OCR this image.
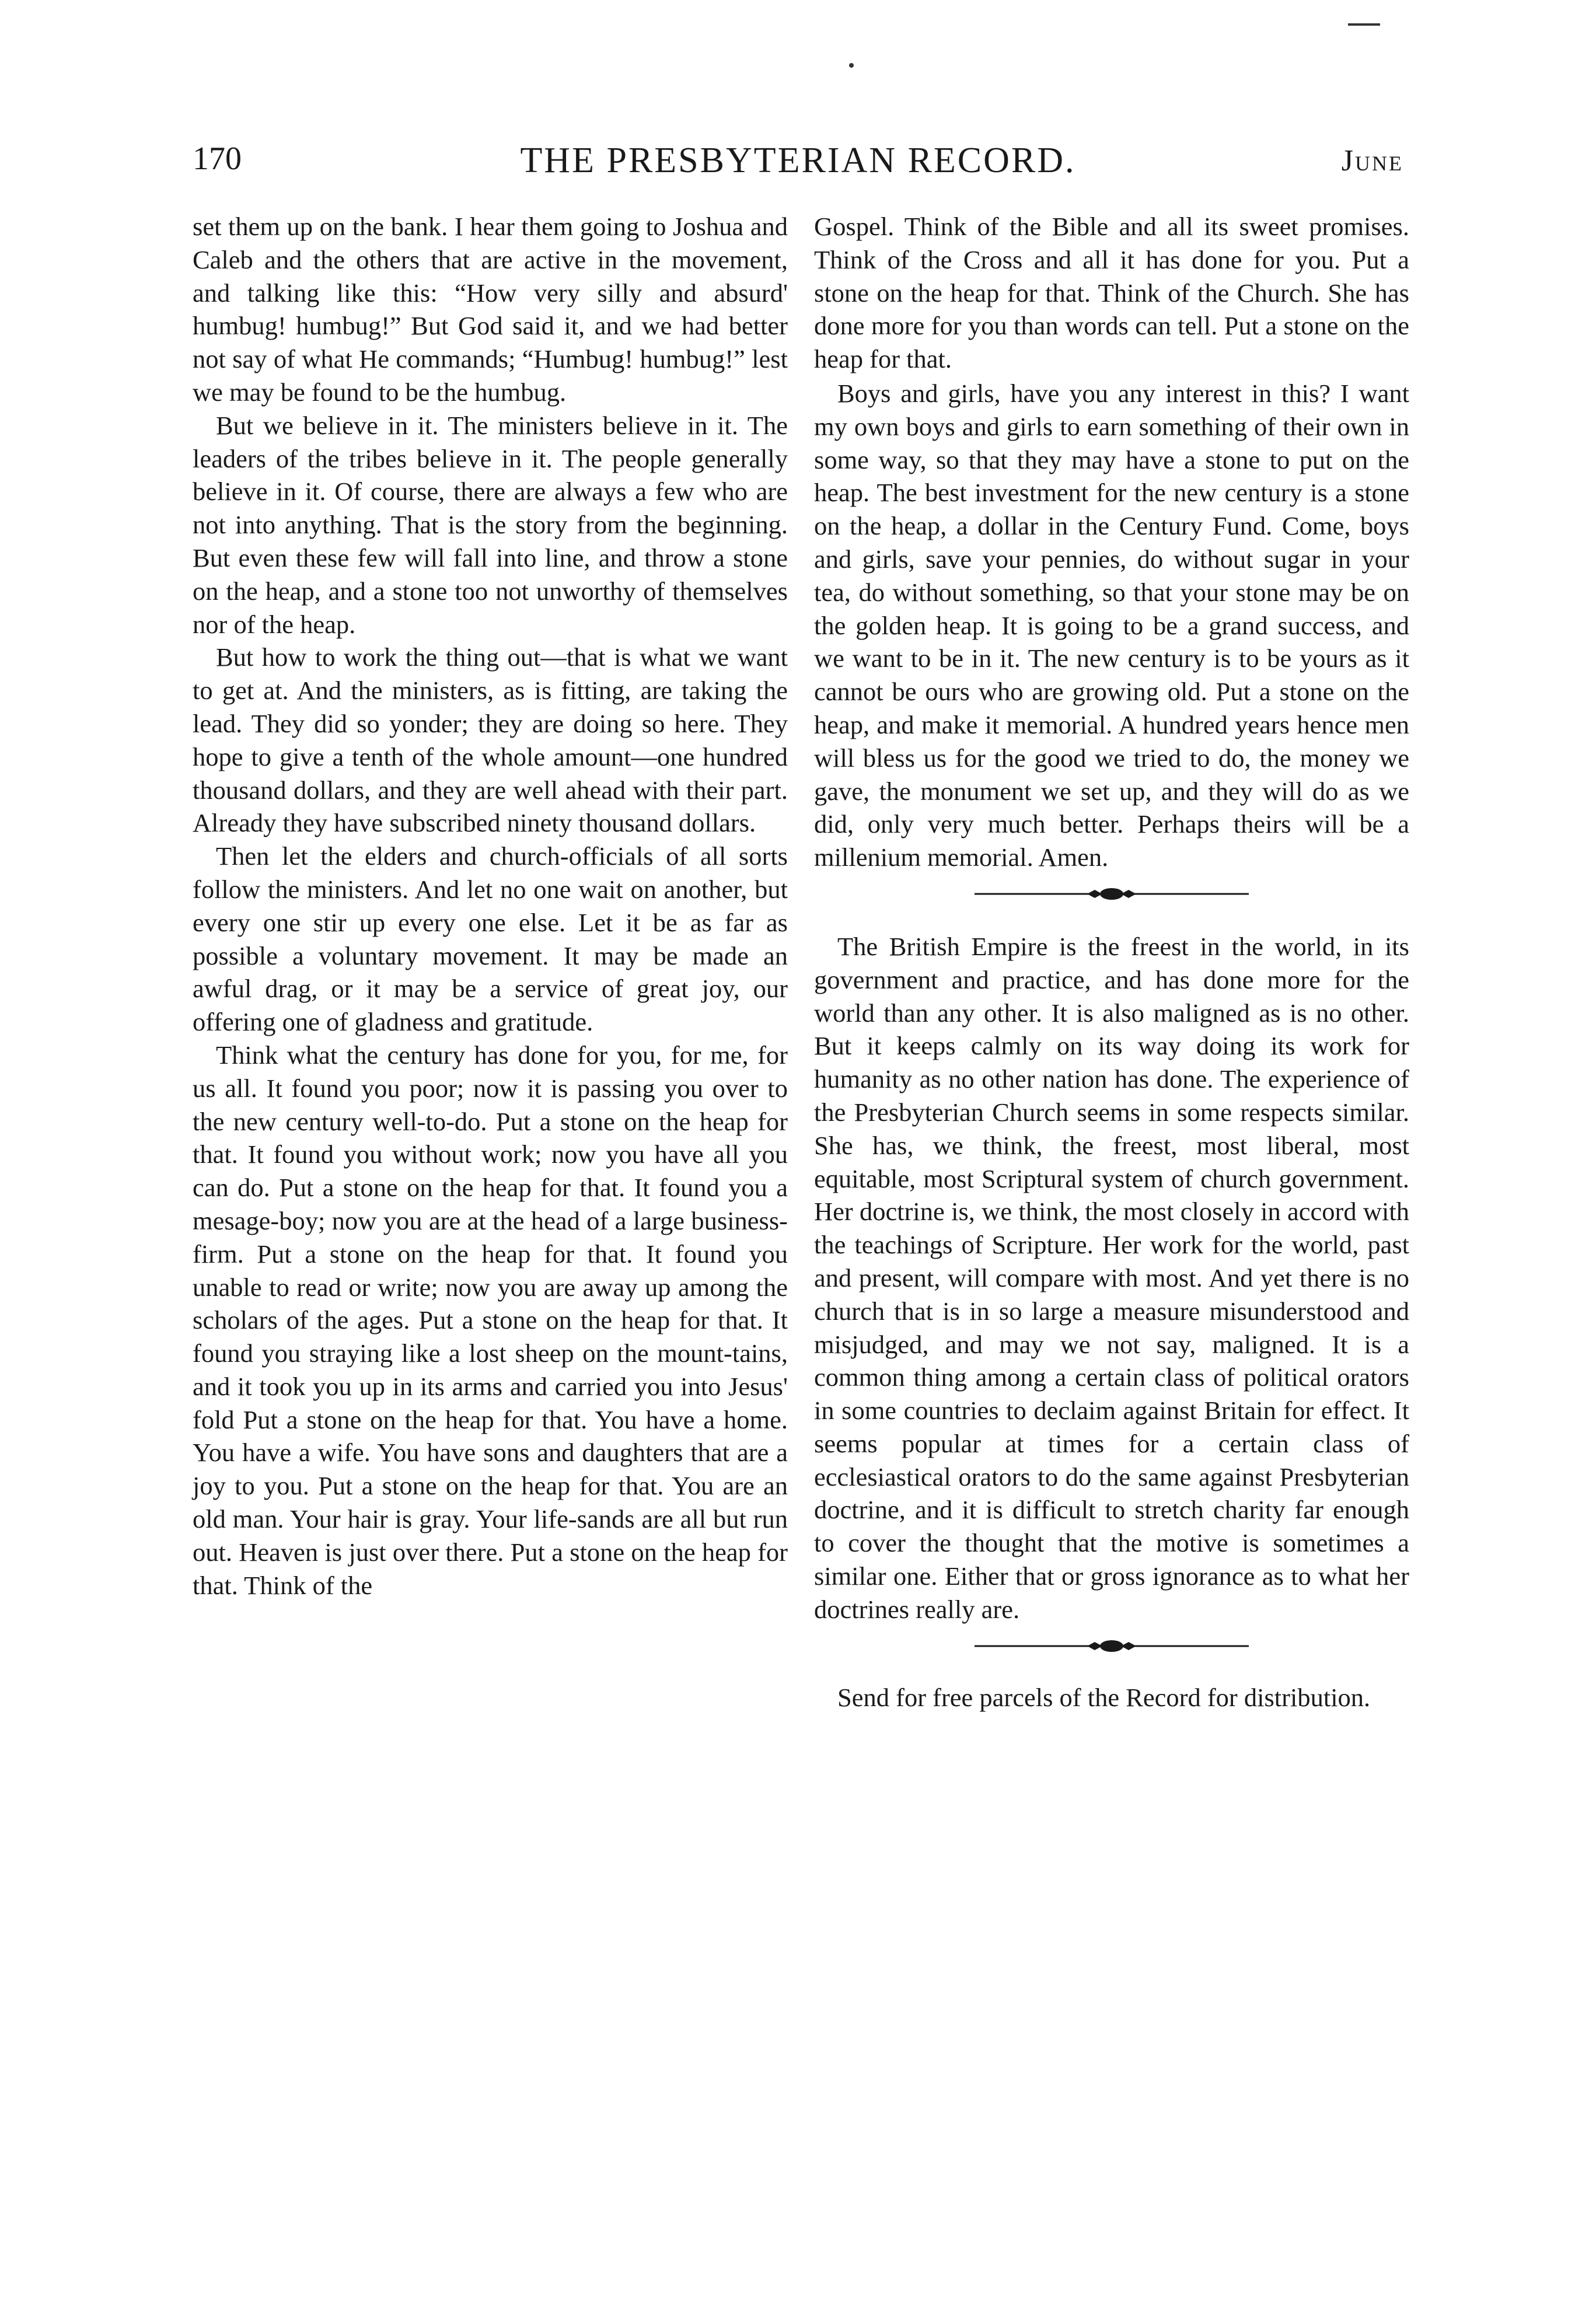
170	THE PRESBYTERIAN RECORD.	June

set them up on the bank. I hear them going to Joshua and Caleb and the others that are active in the movement, and talking like this: “How very silly and absurd' humbug! humbug!” But God said it, and we had better not say of what He commands; “Humbug! humbug!” lest we may be found to be the humbug.

But we believe in it. The ministers believe in it. The leaders of the tribes believe in it. The people generally believe in it. Of course, there are always a few who are not into anything. That is the story from the beginning. But even these few will fall into line, and throw a stone on the heap, and a stone too not unworthy of themselves nor of the heap.

But how to work the thing out—that is what we want to get at. And the ministers, as is fitting, are taking the lead. They did so yonder; they are doing so here. They hope to give a tenth of the whole amount—one hundred thousand dollars, and they are well ahead with their part. Already they have subscribed ninety thousand dollars.

Then let the elders and church-officials of all sorts follow the ministers. And let no one wait on another, but every one stir up every one else. Let it be as far as possible a voluntary movement. It may be made an awful drag, or it may be a service of great joy, our offering one of gladness and gratitude.

Think what the century has done for you, for me, for us all. It found you poor; now it is passing you over to the new century well-to-do. Put a stone on the heap for that. It found you without work; now you have all you can do. Put a stone on the heap for that. It found you a mesage-boy; now you are at the head of a large business-firm. Put a stone on the heap for that. It found you unable to read or write; now you are away up among the scholars of the ages. Put a stone on the heap for that. It found you straying like a lost sheep on the mount-tains, and it took you up in its arms and carried you into Jesus' fold Put a stone on the heap for that. You have a home. You have a wife. You have sons and daughters that are a joy to you. Put a stone on the heap for that. You are an old man. Your hair is gray. Your life-sands are all but run out. Heaven is just over there. Put a stone on the heap for that. Think of the

Gospel. Think of the Bible and all its sweet promises. Think of the Cross and all it has done for you. Put a stone on the heap for that. Think of the Church. She has done more for you than words can tell. Put a stone on the heap for that.

Boys and girls, have you any interest in this? I want my own boys and girls to earn something of their own in some way, so that they may have a stone to put on the heap. The best investment for the new century is a stone on the heap, a dollar in the Century Fund. Come, boys and girls, save your pennies, do without sugar in your tea, do without something, so that your stone may be on the golden heap. It is going to be a grand success, and we want to be in it. The new century is to be yours as it cannot be ours who are growing old. Put a stone on the heap, and make it memorial. A hundred years hence men will bless us for the good we tried to do, the money we gave, the monument we set up, and they will do as we did, only very much better. Perhaps theirs will be a millenium memorial. Amen.

The British Empire is the freest in the world, in its government and practice, and has done more for the world than any other. It is also maligned as is no other. But it keeps calmly on its way doing its work for humanity as no other nation has done. The experience of the Presbyterian Church seems in some respects similar. She has, we think, the freest, most liberal, most equitable, most Scriptural system of church government. Her doctrine is, we think, the most closely in accord with the teachings of Scripture. Her work for the world, past and present, will compare with most. And yet there is no church that is in so large a measure misunderstood and misjudged, and may we not say, maligned. It is a common thing among a certain class of political orators in some countries to declaim against Britain for effect. It seems popular at times for a certain class of ecclesiastical orators to do the same against Presbyterian doctrine, and it is difficult to stretch charity far enough to cover the thought that the motive is sometimes a similar one. Either that or gross ignorance as to what her doctrines really are.

Send for free parcels of the Record for distribution.
